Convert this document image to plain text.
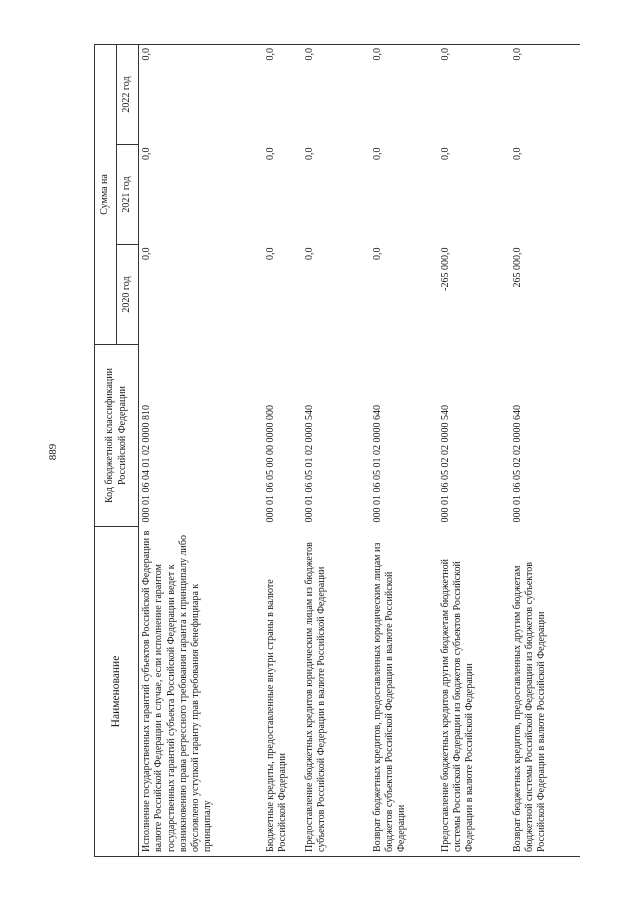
889
Наименование	Код бюджетной классификации Российской Федерации	Сумма на		
		2020 год	2021 год	2022 год
Исполнение государственных гарантий субъектов Российской Федерации в валюте Российской Федерации в случае, если исполнение гарантом государственных гарантий субъекта Российской Федерации ведет к возникновению права регрессного требования гаранта к принципалу либо обусловлено уступкой гаранту прав требования бенефициара к принципалу	000 01 06 04 01 02 0000 810	0,0	0,0	0,0
Бюджетные кредиты, предоставленные внутри страны в валюте Российской Федерации	000 01 06 05 00 00 0000 000	0,0	0,0	0,0
Предоставление бюджетных кредитов юридическим лицам из бюджетов субъектов Российской Федерации в валюте Российской Федерации	000 01 06 05 01 02 0000 540	0,0	0,0	0,0
Возврат бюджетных кредитов, предоставленных юридическим лицам из бюджетов субъектов Российской Федерации в валюте Российской Федерации	000 01 06 05 01 02 0000 640	0,0	0,0	0,0
Предоставление бюджетных кредитов другим бюджетам бюджетной системы Российской Федерации из бюджетов субъектов Российской Федерации в валюте Российской Федерации	000 01 06 05 02 02 0000 540	-265 000,0	0,0	0,0
Возврат бюджетных кредитов, предоставленных другим бюджетам бюджетной системы Российской Федерации из бюджетов субъектов Российской Федерации в валюте Российской Федерации	000 01 06 05 02 02 0000 640	265 000,0	0,0	0,0
